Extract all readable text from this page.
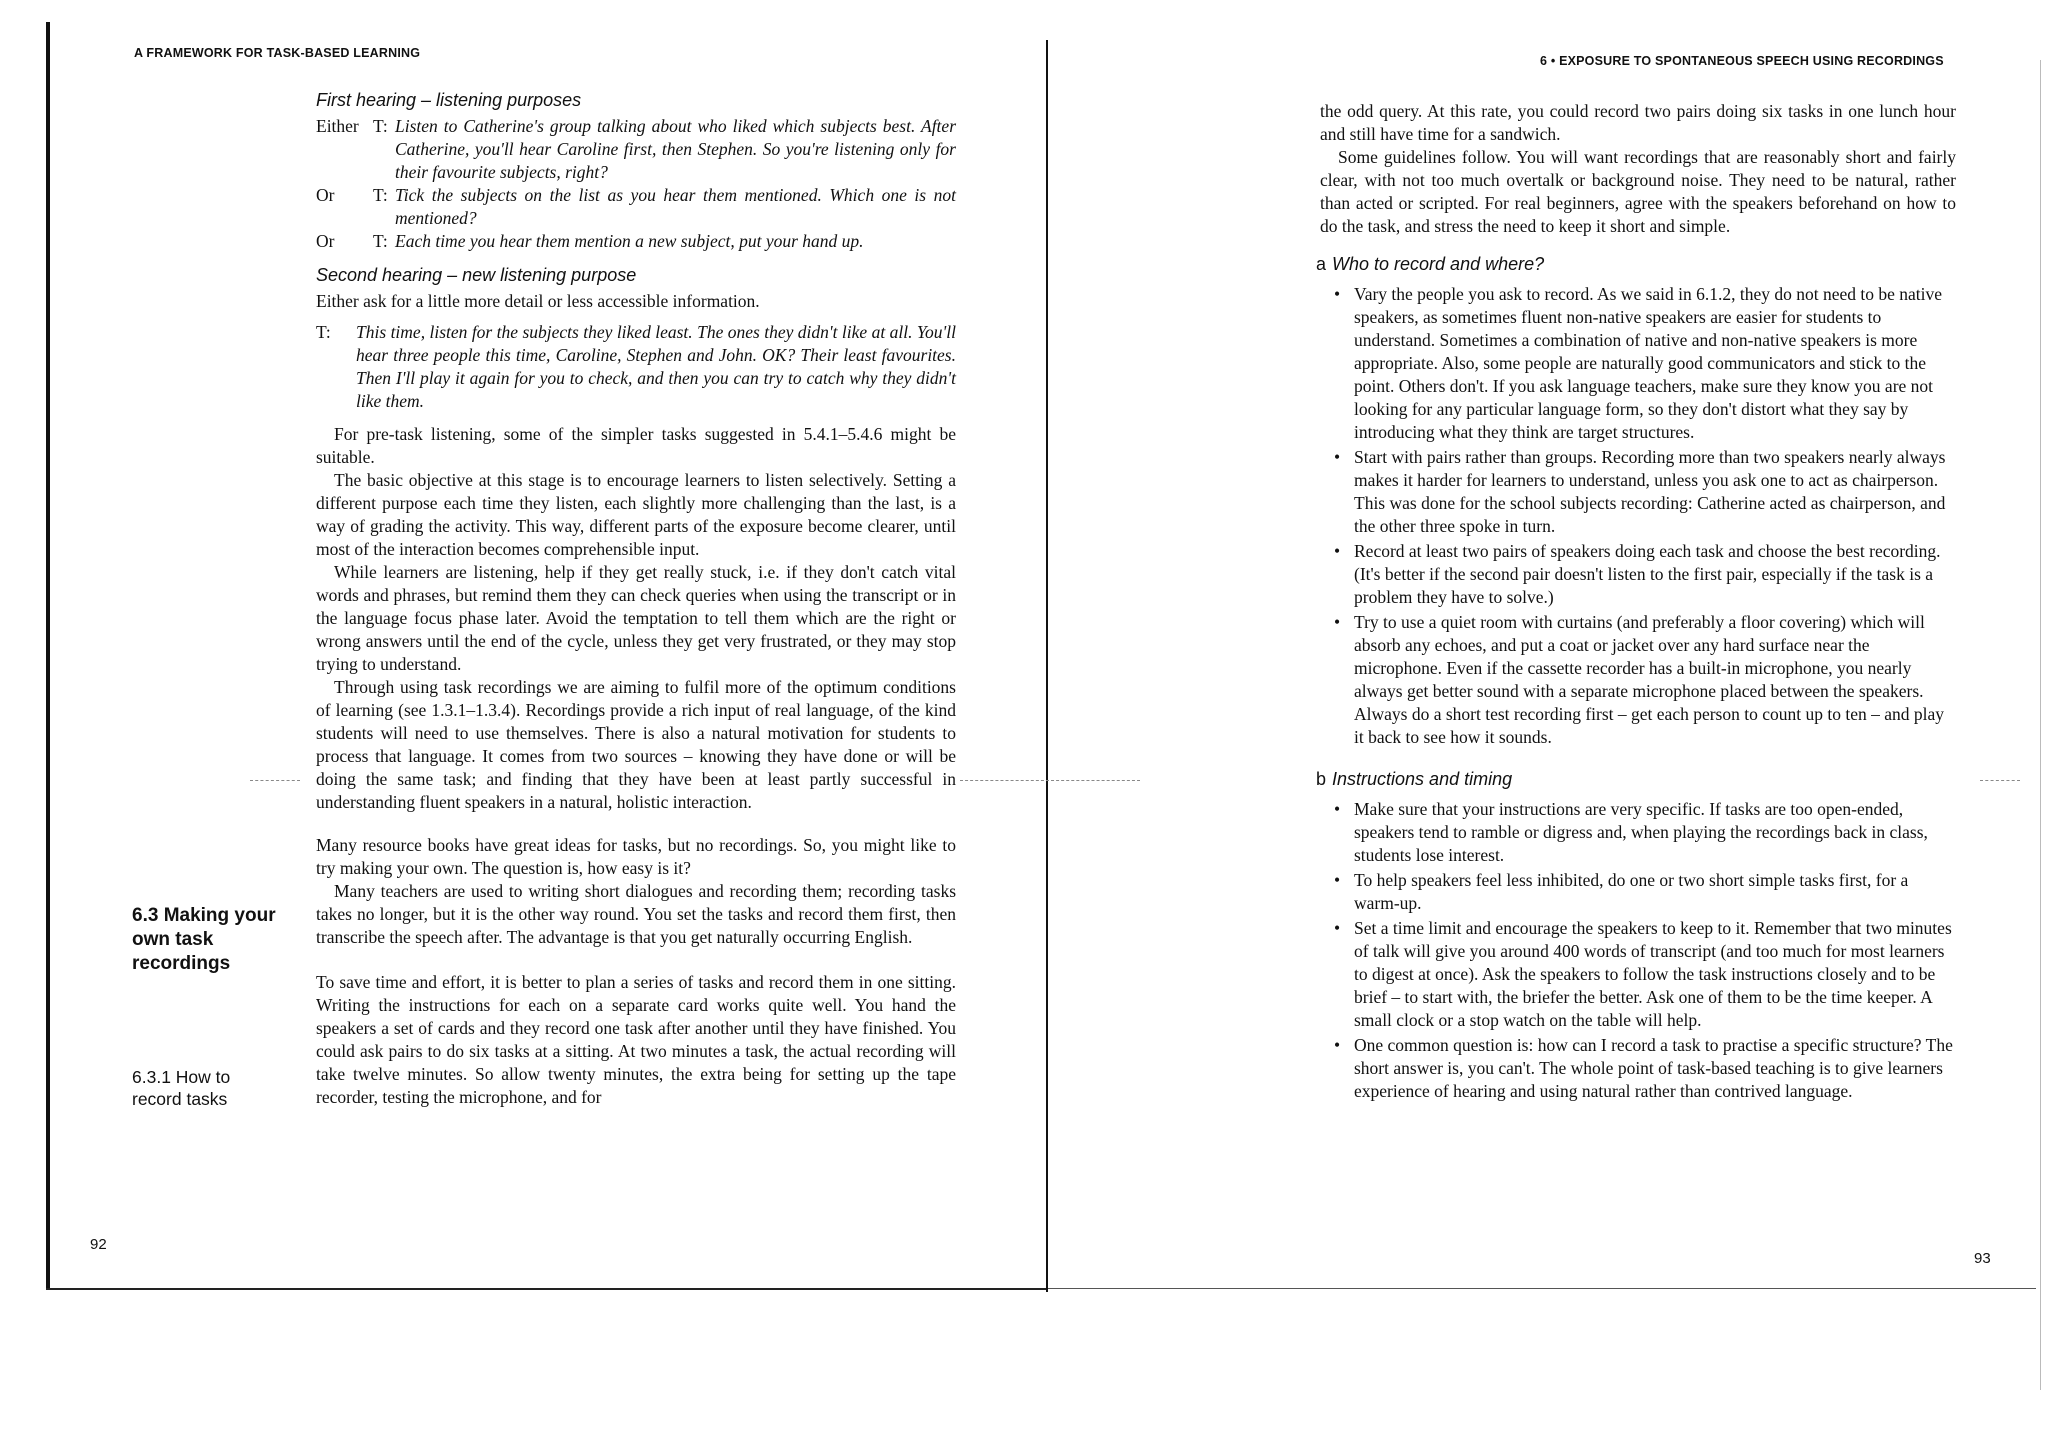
A FRAMEWORK FOR TASK-BASED LEARNING
92

First hearing – listening purposes

Either T: Listen to Catherine's group talking about who liked which subjects best. After Catherine, you'll hear Caroline first, then Stephen. So you're listening only for their favourite subjects, right?
Or	T: Tick the subjects on the list as you hear them mentioned. Which one is not mentioned?
Or	T: Each time you hear them mention a new subject, put your hand up.

Second hearing – new listening purpose

Either ask for a little more detail or less accessible information.

T:	This time, listen for the subjects they liked least. The ones they didn't like at all. You'll hear three people this time, Caroline, Stephen and John. OK? Their least favourites. Then I'll play it again for you to check, and then you can try to catch why they didn't like them.

For pre-task listening, some of the simpler tasks suggested in 5.4.1–5.4.6 might be suitable.

The basic objective at this stage is to encourage learners to listen selectively. Setting a different purpose each time they listen, each slightly more challenging than the last, is a way of grading the activity. This way, different parts of the exposure become clearer, until most of the interaction becomes comprehensible input.

While learners are listening, help if they get really stuck, i.e. if they don't catch vital words and phrases, but remind them they can check queries when using the transcript or in the language focus phase later. Avoid the temptation to tell them which are the right or wrong answers until the end of the cycle, unless they get very frustrated, or they may stop trying to understand.

Through using task recordings we are aiming to fulfil more of the optimum conditions of learning (see 1.3.1–1.3.4). Recordings provide a rich input of real language, of the kind students will need to use themselves. There is also a natural motivation for students to process that language. It comes from two sources – knowing they have done or will be doing the same task; and finding that they have been at least partly successful in understanding fluent speakers in a natural, holistic interaction.

Many resource books have great ideas for tasks, but no recordings. So, you might like to try making your own. The question is, how easy is it?

Many teachers are used to writing short dialogues and recording them; recording tasks takes no longer, but it is the other way round. You set the tasks and record them first, then transcribe the speech after. The advantage is that you get naturally occurring English.

To save time and effort, it is better to plan a series of tasks and record them in one sitting. Writing the instructions for each on a separate card works quite well. You hand the speakers a set of cards and they record one task after another until they have finished. You could ask pairs to do six tasks at a sitting. At two minutes a task, the actual recording will take twelve minutes. So allow twenty minutes, the extra being for setting up the tape recorder, testing the microphone, and for

6.3 Making your own task recordings
6.3.1 How to record tasks
6 • EXPOSURE TO SPONTANEOUS SPEECH USING RECORDINGS
93

the odd query. At this rate, you could record two pairs doing six tasks in one lunch hour and still have time for a sandwich.

Some guidelines follow. You will want recordings that are reasonably short and fairly clear, with not too much overtalk or background noise. They need to be natural, rather than acted or scripted. For real beginners, agree with the speakers beforehand on how to do the task, and stress the need to keep it short and simple.

a Who to record and where?
• Vary the people you ask to record. As we said in 6.1.2, they do not need to be native speakers, as sometimes fluent non-native speakers are easier for students to understand. Sometimes a combination of native and non-native speakers is more appropriate. Also, some people are naturally good communicators and stick to the point. Others don't. If you ask language teachers, make sure they know you are not looking for any particular language form, so they don't distort what they say by introducing what they think are target structures.
• Start with pairs rather than groups. Recording more than two speakers nearly always makes it harder for learners to understand, unless you ask one to act as chairperson. This was done for the school subjects recording: Catherine acted as chairperson, and the other three spoke in turn.
• Record at least two pairs of speakers doing each task and choose the best recording. (It's better if the second pair doesn't listen to the first pair, especially if the task is a problem they have to solve.)
• Try to use a quiet room with curtains (and preferably a floor covering) which will absorb any echoes, and put a coat or jacket over any hard surface near the microphone. Even if the cassette recorder has a built-in microphone, you nearly always get better sound with a separate microphone placed between the speakers. Always do a short test recording first – get each person to count up to ten – and play it back to see how it sounds.
b Instructions and timing
• Make sure that your instructions are very specific. If tasks are too open-ended, speakers tend to ramble or digress and, when playing the recordings back in class, students lose interest.
• To help speakers feel less inhibited, do one or two short simple tasks first, for a warm-up.
• Set a time limit and encourage the speakers to keep to it. Remember that two minutes of talk will give you around 400 words of transcript (and too much for most learners to digest at once). Ask the speakers to follow the task instructions closely and to be brief – to start with, the briefer the better. Ask one of them to be the time keeper. A small clock or a stop watch on the table will help.
• One common question is: how can I record a task to practise a specific structure? The short answer is, you can't. The whole point of task-based teaching is to give learners experience of hearing and using natural rather than contrived language.
